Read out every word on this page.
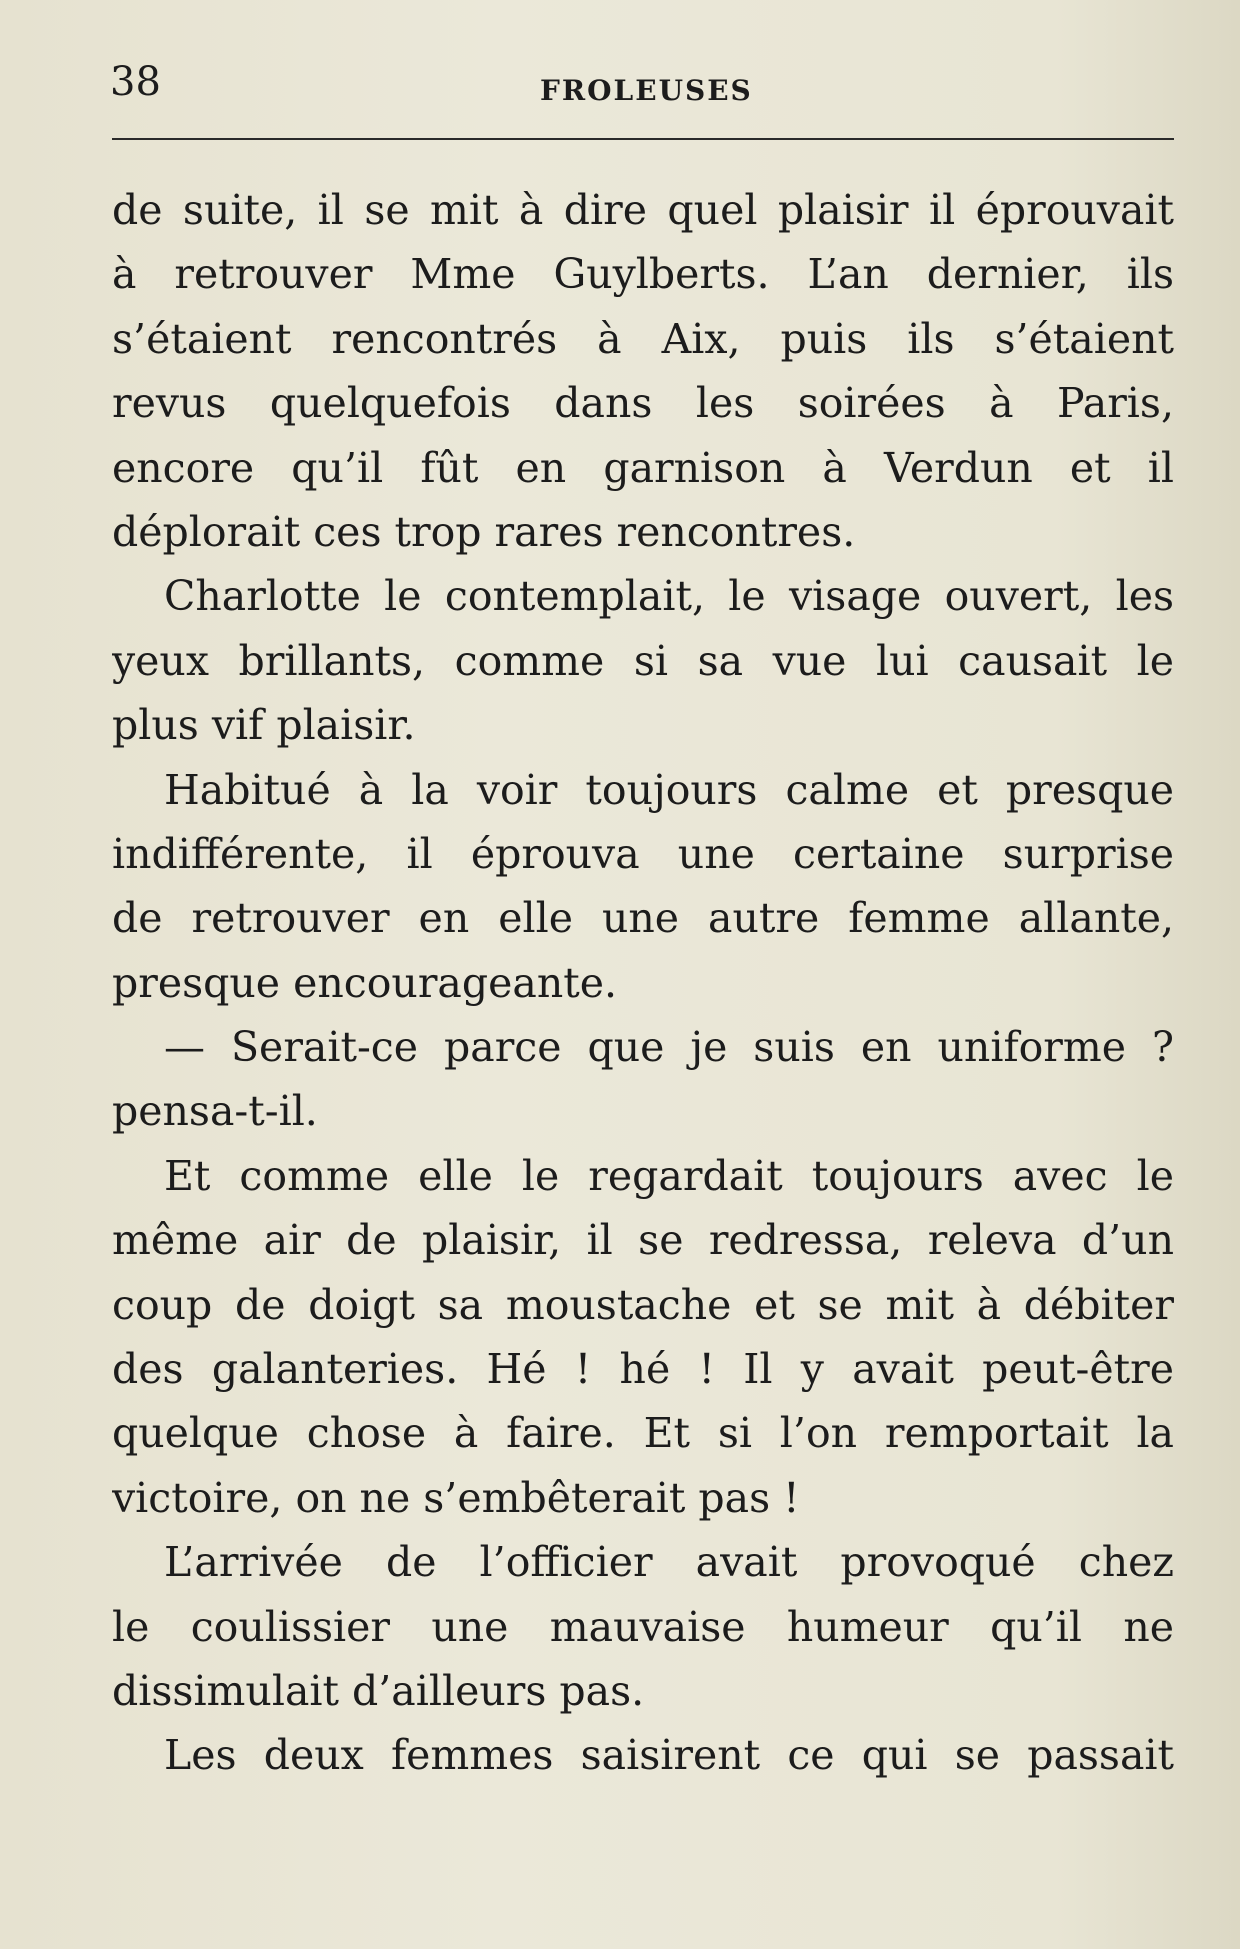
38	FROLEUSES
de suite, il se mit à dire quel plaisir il éprouvait
à retrouver Mme Guylberts. L’an dernier, ils
s’étaient rencontrés à Aix, puis ils s’étaient
revus quelquefois dans les soirées à Paris,
encore qu’il fût en garnison à Verdun et il
déplorait ces trop rares rencontres.
Charlotte le contemplait, le visage ouvert, les
yeux brillants, comme si sa vue lui causait le
plus vif plaisir.
Habitué à la voir toujours calme et presque
indifférente, il éprouva une certaine surprise
de retrouver en elle une autre femme allante,
presque encourageante.
— Serait-ce parce que je suis en uniforme ?
pensa-t-il.
Et comme elle le regardait toujours avec le
même air de plaisir, il se redressa, releva d’un
coup de doigt sa moustache et se mit à débiter
des galanteries. Hé ! hé ! Il y avait peut-être
quelque chose à faire. Et si l’on remportait la
victoire, on ne s’embêterait pas !
L’arrivée de l’officier avait provoqué chez
le coulissier une mauvaise humeur qu’il ne
dissimulait d’ailleurs pas.
Les deux femmes saisirent ce qui se passait
